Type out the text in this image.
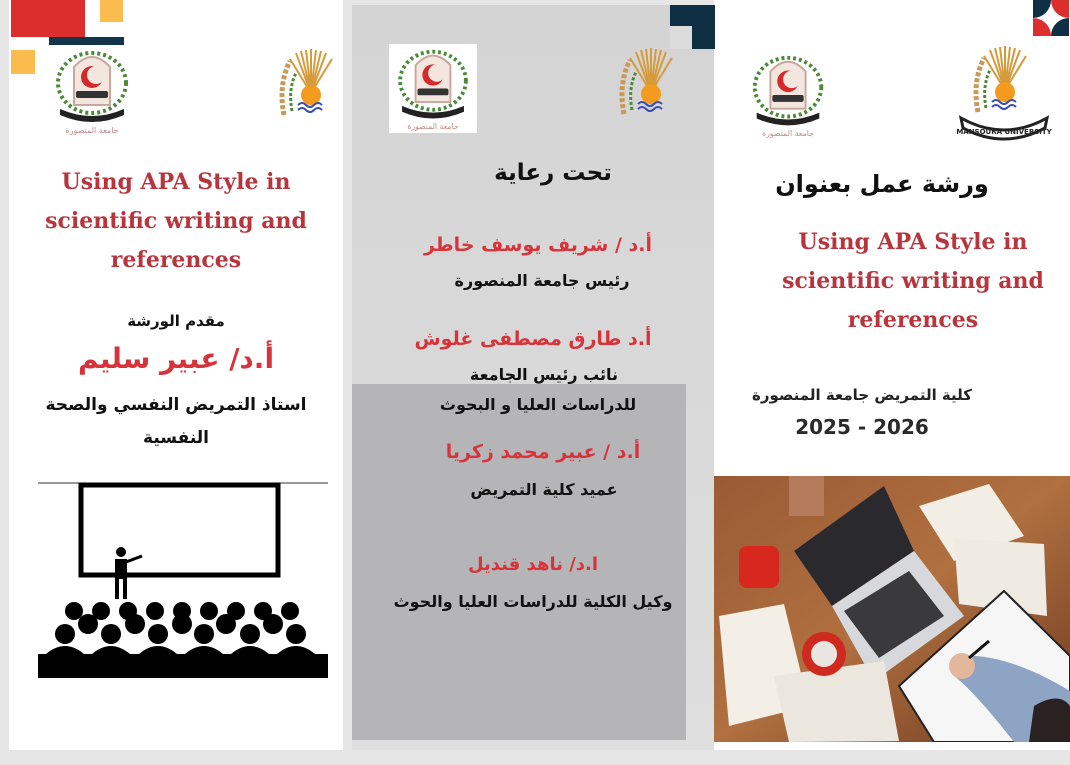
جامعة المنصورة	جامعة المنصورة
جامعة المنصورة	MANSOURA UNIVERSITY
Using APA Style in
scientific writing and
references
مقدم الورشة
أ.د/ عبير سليم
استاذ التمريض النفسي والصحة
النفسية
تحت رعاية
أ.د / شريف يوسف خاطر
رئيس جامعة المنصورة
أ.د طارق مصطفى غلوش
نائب رئيس الجامعة
للدراسات العليا و البحوث
أ.د / عبير محمد زكريا
عميد كلية التمريض
ا.د/ ناهد قنديل
وكيل الكلية للدراسات العليا والحوث
ورشة عمل بعنوان
Using APA Style in
scientific writing and
references
كلية التمريض جامعة المنصورة
2025 - 2026
